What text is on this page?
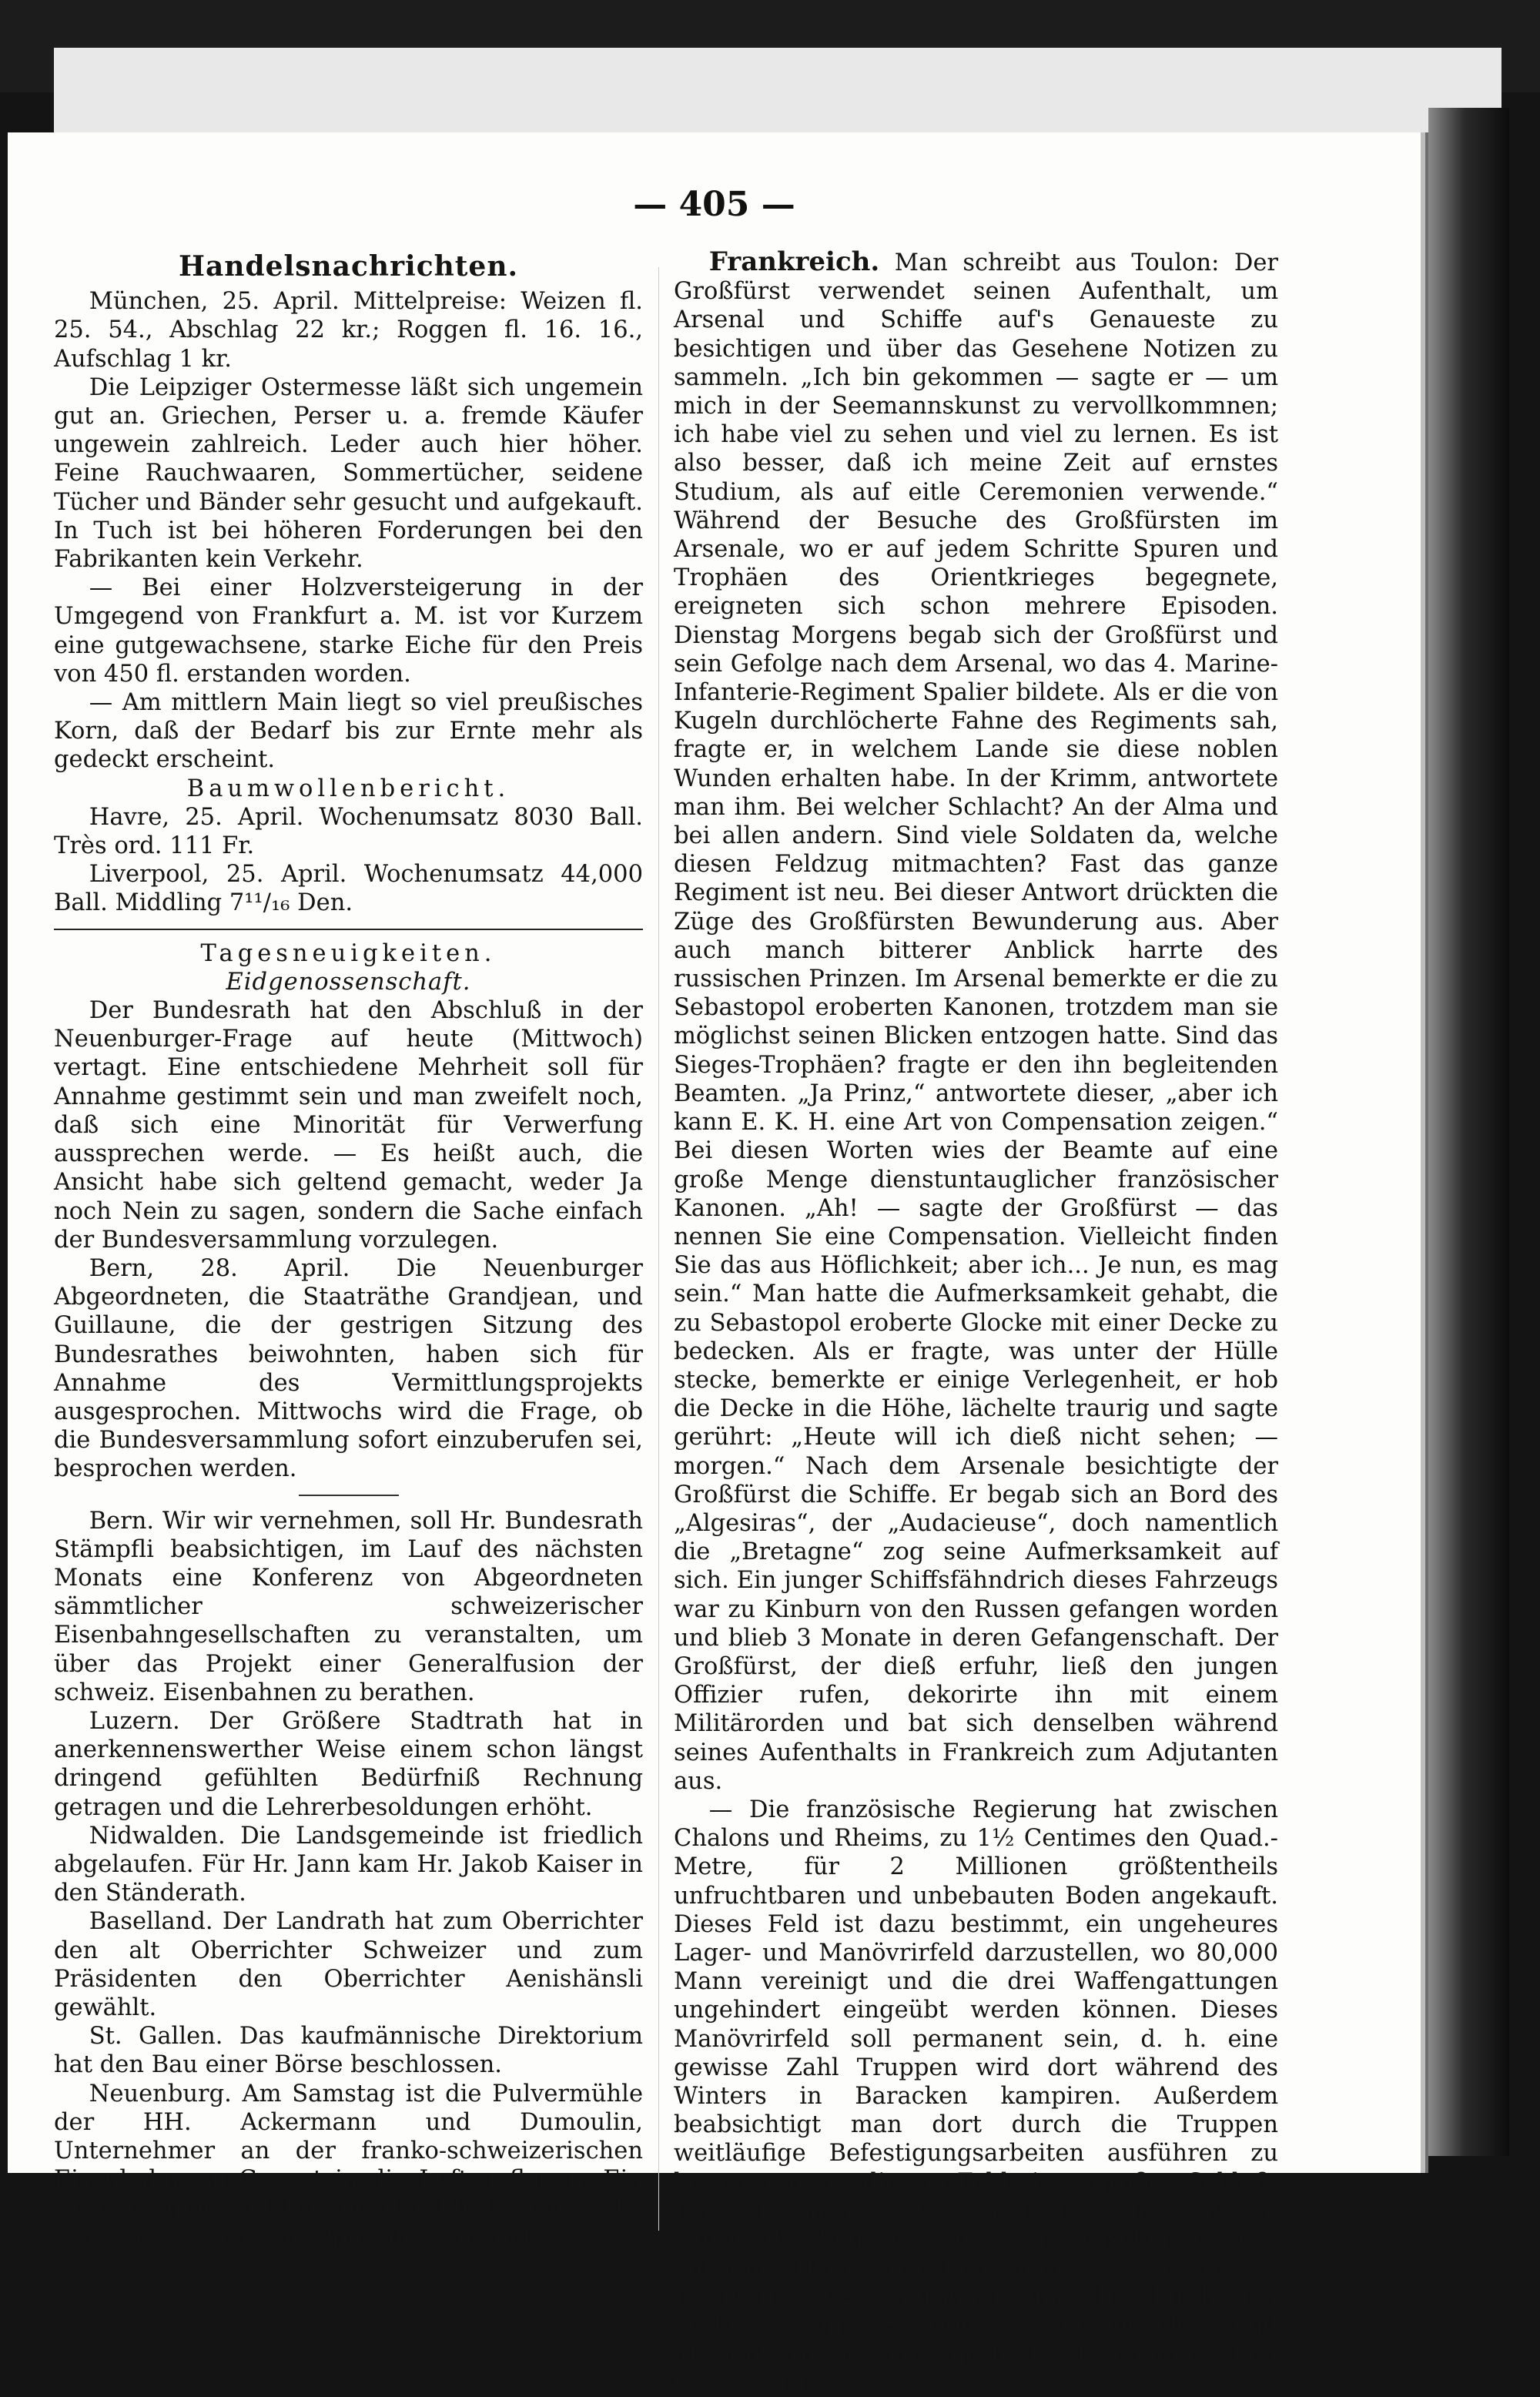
— 405 —
Handelsnachrichten.

München, 25. April. Mittelpreise: Weizen fl. 25. 54., Abschlag 22 kr.; Roggen fl. 16. 16., Aufschlag 1 kr.

Die Leipziger Ostermesse läßt sich ungemein gut an. Griechen, Perser u. a. fremde Käufer ungewein zahlreich. Leder auch hier höher. Feine Rauchwaaren, Sommertücher, seidene Tücher und Bänder sehr gesucht und aufgekauft. In Tuch ist bei höheren Forderungen bei den Fabrikanten kein Verkehr.

— Bei einer Holzversteigerung in der Umgegend von Frankfurt a. M. ist vor Kurzem eine gutgewachsene, starke Eiche für den Preis von 450 fl. erstanden worden.

— Am mittlern Main liegt so viel preußisches Korn, daß der Bedarf bis zur Ernte mehr als gedeckt erscheint.

Baumwollenbericht.

Havre, 25. April. Wochenumsatz 8030 Ball. Très ord. 111 Fr.

Liverpool, 25. April. Wochenumsatz 44,000 Ball. Middling 7¹¹/₁₆ Den.

Tagesneuigkeiten.

Eidgenossenschaft.

Der Bundesrath hat den Abschluß in der Neuenburger-Frage auf heute (Mittwoch) vertagt. Eine entschiedene Mehrheit soll für Annahme gestimmt sein und man zweifelt noch, daß sich eine Minorität für Verwerfung aussprechen werde. — Es heißt auch, die Ansicht habe sich geltend gemacht, weder Ja noch Nein zu sagen, sondern die Sache einfach der Bundesversammlung vorzulegen.

Bern, 28. April. Die Neuenburger Abgeordneten, die Staaträthe Grandjean, und Guillaune, die der gestrigen Sitzung des Bundesrathes beiwohnten, haben sich für Annahme des Vermittlungsprojekts ausgesprochen. Mittwochs wird die Frage, ob die Bundesversammlung sofort einzuberufen sei, besprochen werden.

Bern. Wir wir vernehmen, soll Hr. Bundesrath Stämpfli beabsichtigen, im Lauf des nächsten Monats eine Konferenz von Abgeordneten sämmtlicher schweizerischer Eisenbahngesellschaften zu veranstalten, um über das Projekt einer Generalfusion der schweiz. Eisenbahnen zu berathen.

Luzern. Der Größere Stadtrath hat in anerkennenswerther Weise einem schon längst dringend gefühlten Bedürfniß Rechnung getragen und die Lehrerbesoldungen erhöht.

Nidwalden. Die Landsgemeinde ist friedlich abgelaufen. Für Hr. Jann kam Hr. Jakob Kaiser in den Ständerath.

Baselland. Der Landrath hat zum Oberrichter den alt Oberrichter Schweizer und zum Präsidenten den Oberrichter Aenishänsli gewählt.

St. Gallen. Das kaufmännische Direktorium hat den Bau einer Börse beschlossen.

Neuenburg. Am Samstag ist die Pulvermühle der HH. Ackermann und Dumoulin, Unternehmer an der franko-schweizerischen Eisenbahn, zu Couvet in die Luft geflogen. Ein Arbeiter ging mit brennender Pfeife hinein. Er war auch das einzige Opfer des Unglücks.

Frankreich. Man schreibt aus Toulon: Der Großfürst verwendet seinen Aufenthalt, um Arsenal und Schiffe auf's Genaueste zu besichtigen und über das Gesehene Notizen zu sammeln. „Ich bin gekommen — sagte er — um mich in der Seemannskunst zu vervollkommnen; ich habe viel zu sehen und viel zu lernen. Es ist also besser, daß ich meine Zeit auf ernstes Studium, als auf eitle Ceremonien verwende.“ Während der Besuche des Großfürsten im Arsenale, wo er auf jedem Schritte Spuren und Trophäen des Orientkrieges begegnete, ereigneten sich schon mehrere Episoden. Dienstag Morgens begab sich der Großfürst und sein Gefolge nach dem Arsenal, wo das 4. Marine-Infanterie-Regiment Spalier bildete. Als er die von Kugeln durchlöcherte Fahne des Regiments sah, fragte er, in welchem Lande sie diese noblen Wunden erhalten habe. In der Krimm, antwortete man ihm. Bei welcher Schlacht? An der Alma und bei allen andern. Sind viele Soldaten da, welche diesen Feldzug mitmachten? Fast das ganze Regiment ist neu. Bei dieser Antwort drückten die Züge des Großfürsten Bewunderung aus. Aber auch manch bitterer Anblick harrte des russischen Prinzen. Im Arsenal bemerkte er die zu Sebastopol eroberten Kanonen, trotzdem man sie möglichst seinen Blicken entzogen hatte. Sind das Sieges-Trophäen? fragte er den ihn begleitenden Beamten. „Ja Prinz,“ antwortete dieser, „aber ich kann E. K. H. eine Art von Compensation zeigen.“ Bei diesen Worten wies der Beamte auf eine große Menge dienstuntauglicher französischer Kanonen. „Ah! — sagte der Großfürst — das nennen Sie eine Compensation. Vielleicht finden Sie das aus Höflichkeit; aber ich... Je nun, es mag sein.“ Man hatte die Aufmerksamkeit gehabt, die zu Sebastopol eroberte Glocke mit einer Decke zu bedecken. Als er fragte, was unter der Hülle stecke, bemerkte er einige Verlegenheit, er hob die Decke in die Höhe, lächelte traurig und sagte gerührt: „Heute will ich dieß nicht sehen; — morgen.“ Nach dem Arsenale besichtigte der Großfürst die Schiffe. Er begab sich an Bord des „Algesiras“, der „Audacieuse“, doch namentlich die „Bretagne“ zog seine Aufmerksamkeit auf sich. Ein junger Schiffsfähndrich dieses Fahrzeugs war zu Kinburn von den Russen gefangen worden und blieb 3 Monate in deren Gefangenschaft. Der Großfürst, der dieß erfuhr, ließ den jungen Offizier rufen, dekorirte ihn mit einem Militärorden und bat sich denselben während seines Aufenthalts in Frankreich zum Adjutanten aus.

— Die französische Regierung hat zwischen Chalons und Rheims, zu 1½ Centimes den Quad.-Metre, für 2 Millionen größtentheils unfruchtbaren und unbebauten Boden angekauft. Dieses Feld ist dazu bestimmt, ein ungeheures Lager- und Manövrirfeld darzustellen, wo 80,000 Mann vereinigt und die drei Waffengattungen ungehindert eingeübt werden können. Dieses Manövrirfeld soll permanent sein, d. h. eine gewisse Zahl Truppen wird dort während des Winters in Baracken kampiren. Außerdem beabsichtigt man dort durch die Truppen weitläufige Befestigungsarbeiten ausführen zu lassen, um aus diesem Feld einen großen Schluß-Platz zu machen. Diese neue Befestigungsweise würde die Schwäche der französischen Grenze auf jener (Paris so nahen) Seite, von wo aus die Preußen 1762 eindrangen und die durch den Verlust von Saarlouis, Philippeville und Marienburg so bloß gestellt ist, einigermaßen verbessern.
